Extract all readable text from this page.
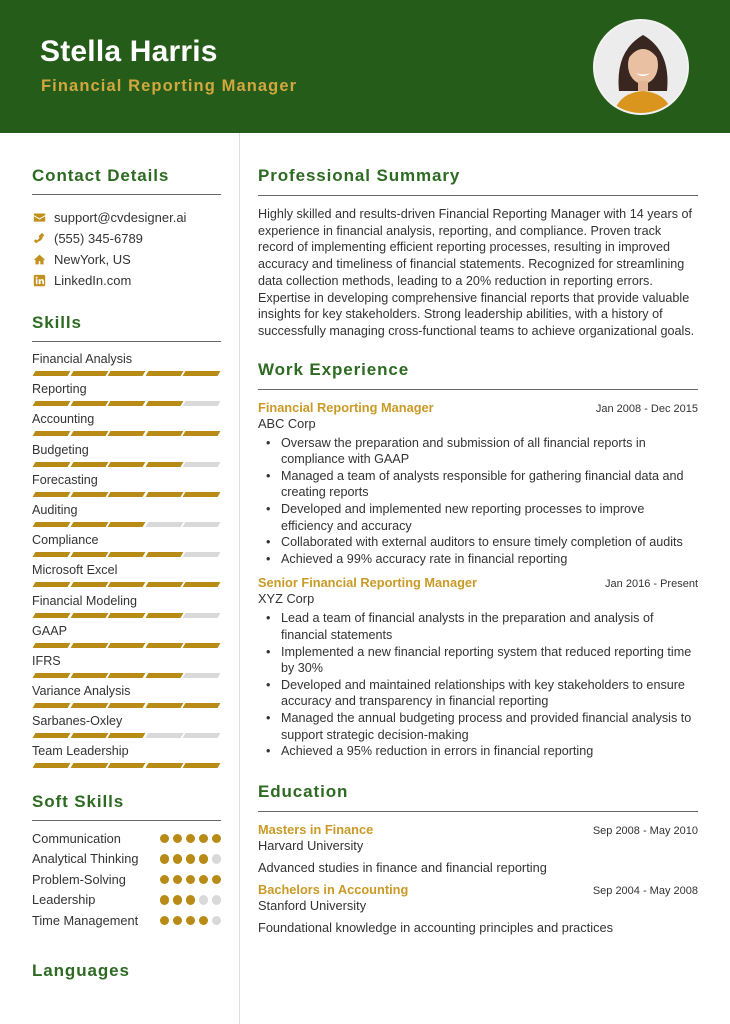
Stella Harris
Financial Reporting Manager
Contact Details
support@cvdesigner.ai
(555) 345-6789
NewYork, US
LinkedIn.com
Skills
Financial Analysis
Reporting
Accounting
Budgeting
Forecasting
Auditing
Compliance
Microsoft Excel
Financial Modeling
GAAP
IFRS
Variance Analysis
Sarbanes-Oxley
Team Leadership
Soft Skills
Communication
Analytical Thinking
Problem-Solving
Leadership
Time Management
Languages
Professional Summary

Highly skilled and results-driven Financial Reporting Manager with 14 years of experience in financial analysis, reporting, and compliance. Proven track record of implementing efficient reporting processes, resulting in improved accuracy and timeliness of financial statements. Recognized for streamlining data collection methods, leading to a 20% reduction in reporting errors. Expertise in developing comprehensive financial reports that provide valuable insights for key stakeholders. Strong leadership abilities, with a history of successfully managing cross-functional teams to achieve organizational goals.

Work Experience
Financial Reporting Manager	Jan 2008 - Dec 2015
ABC Corp
• Oversaw the preparation and submission of all financial reports in compliance with GAAP
• Managed a team of analysts responsible for gathering financial data and creating reports
• Developed and implemented new reporting processes to improve efficiency and accuracy
• Collaborated with external auditors to ensure timely completion of audits
• Achieved a 99% accuracy rate in financial reporting
Senior Financial Reporting Manager	Jan 2016 - Present
XYZ Corp
• Lead a team of financial analysts in the preparation and analysis of financial statements
• Implemented a new financial reporting system that reduced reporting time by 30%
• Developed and maintained relationships with key stakeholders to ensure accuracy and transparency in financial reporting
• Managed the annual budgeting process and provided financial analysis to support strategic decision-making
• Achieved a 95% reduction in errors in financial reporting
Education
Masters in Finance	Sep 2008 - May 2010
Harvard University
Advanced studies in finance and financial reporting
Bachelors in Accounting	Sep 2004 - May 2008
Stanford University
Foundational knowledge in accounting principles and practices
